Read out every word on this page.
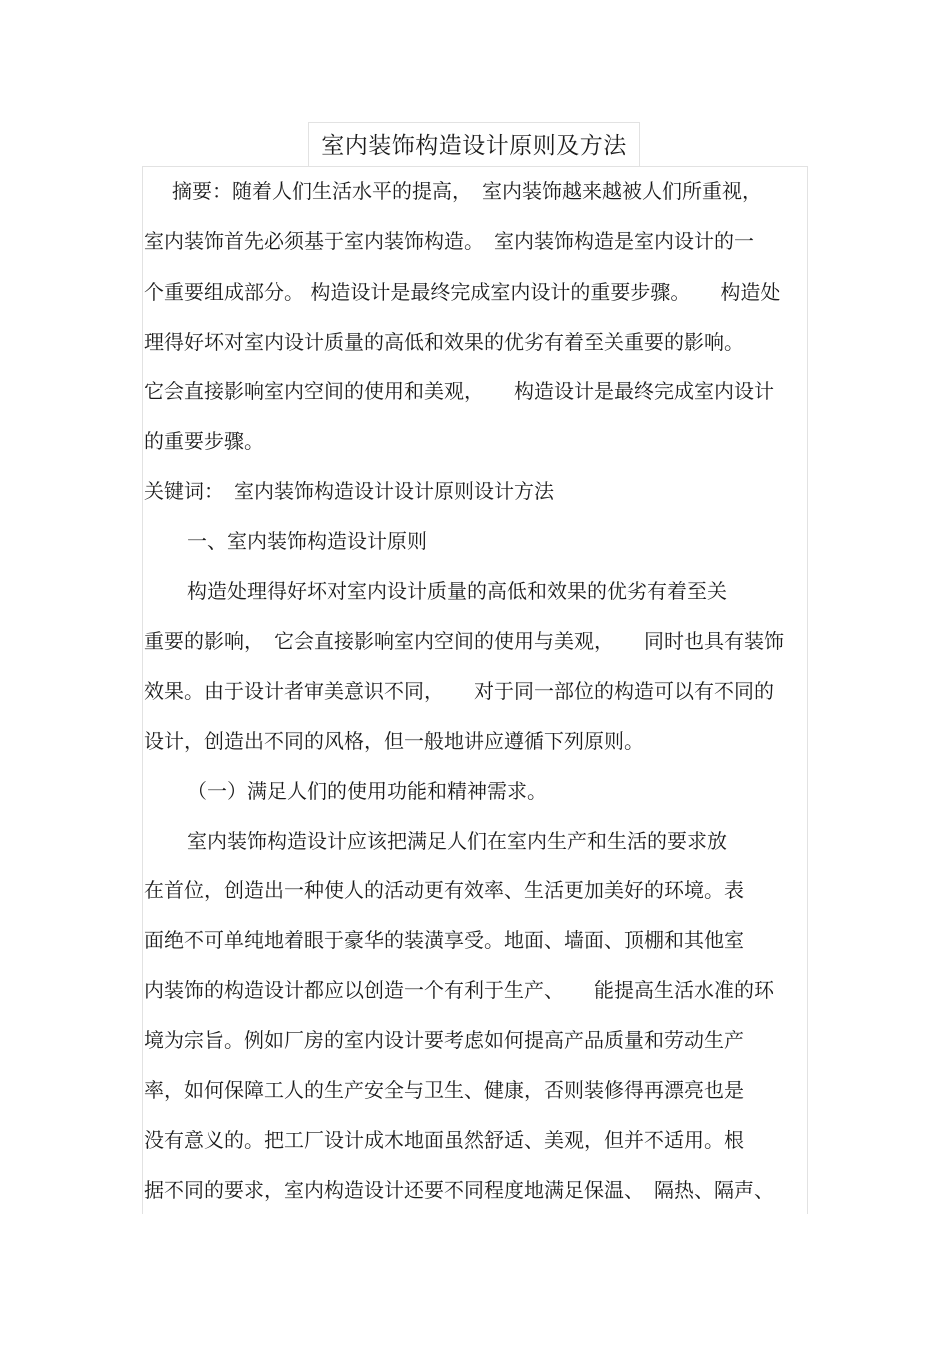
室内装饰构造设计原则及方法
摘要：随着人们生活水平的提高，　室内装饰越来越被人们所重视，
室内装饰首先必须基于室内装饰构造。　室内装饰构造是室内设计的一
个重要组成部分。 构造设计是最终完成室内设计的重要步骤。　　构造处
理得好坏对室内设计质量的高低和效果的优劣有着至关重要的影响。
它会直接影响室内空间的使用和美观，　　构造设计是最终完成室内设计
的重要步骤。
关键词：　室内装饰构造设计设计原则设计方法
一、室内装饰构造设计原则
构造处理得好坏对室内设计质量的高低和效果的优劣有着至关
重要的影响，　它会直接影响室内空间的使用与美观，　　同时也具有装饰
效果。由于设计者审美意识不同，　　对于同一部位的构造可以有不同的
设计，创造出不同的风格，但一般地讲应遵循下列原则。
（一）满足人们的使用功能和精神需求。
室内装饰构造设计应该把满足人们在室内生产和生活的要求放
在首位，创造出一种使人的活动更有效率、生活更加美好的环境。表
面绝不可单纯地着眼于豪华的装潢享受。地面、墙面、顶棚和其他室
内装饰的构造设计都应以创造一个有利于生产、　　能提高生活水准的环
境为宗旨。例如厂房的室内设计要考虑如何提高产品质量和劳动生产
率，如何保障工人的生产安全与卫生、健康，否则装修得再漂亮也是
没有意义的。把工厂设计成木地面虽然舒适、美观，但并不适用。根
据不同的要求，室内构造设计还要不同程度地满足保温、　隔热、隔声、
